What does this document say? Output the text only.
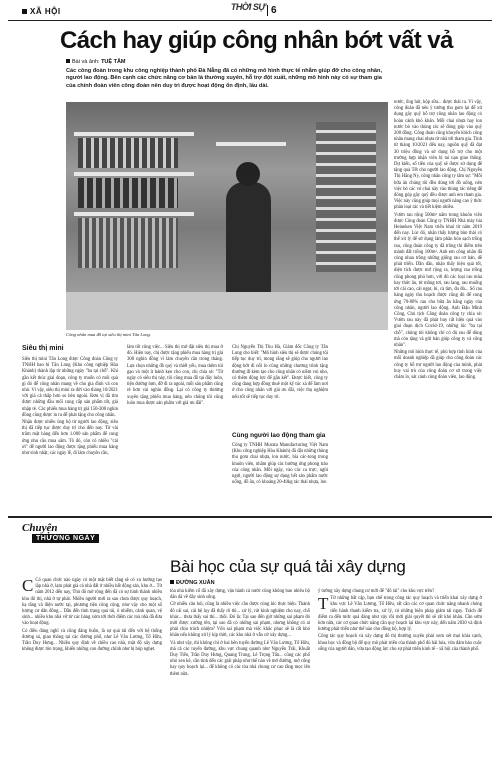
XÃ HỘI	THỜI SỰ 6
Cách hay giúp công nhân bớt vất vả
Bài và ảnh: TUỆ TÂM
Các công đoàn trong khu công nghiệp thành phố Đà Nẵng đã có những mô hình thực tế nhằm giúp đỡ cho công nhân, người lao động. Bên cạnh các chức năng cơ bản là thường xuyên, hỗ trợ đột xuất, những mô hình này có sự tham gia của chính đoàn viên công đoàn nên duy trì được hoạt động ổn định, lâu dài.
Công nhân mua đồ tại siêu thị mini Tân Long.
Siêu thị mini

Siêu thị mini Tân Long được Công đoàn Công ty TNHH bao bì Tân Long (Khu công nghiệp Hòa Khánh) thành lập từ những ngày "ba tại chỗ". Khi gần kết thúc giai đoạn, công ty muốn có môi quà gì đó để công nhân mang về cho gia đình và con nhỏ. Vì vậy, siêu thị mini ra đời vào tháng 10/2021 với giá cả thấp hơn so bên ngoài. Đơn vị đã tìm được những đầu mối cung cấp sản phẩm tốt, giá nhập rẻ. Các phiếu mua hàng trị giá 150-300 nghìn đồng cũng được in ra để phát tặng cho công nhân.

Nhận được nhiều ủng hộ từ người lao động, siêu thị đã tiếp tục được duy trì cho đến nay. Từ vài trăm mặt hàng đến hơn 1.000 sản phẩm để cung ứng nhu cầu mua sắm. Tô đó, còn có nhiều "cái ơi" để người lao động được tặng phiếu mua hàng như sinh nhật, các ngày lễ, đi làm chuyên cần,

làm tốt công việc... Siêu thị mở đặt siêu thị mua ở đó. Hiện nay, chị được tặng phiếu mua hàng trị giá 300 nghìn đồng vì làm chuyên cần trong tháng. Lựa chọn những đồ quý và thiết yếu, mua thêm túi gạo và một ít bánh kẹo cho con, chị chia sẻ: "Từ ngày có siêu thị này, tôi cũng mua đồ tại đây luôn, tiện đường hơn, đỡ đi ra ngoài, mỗi sản phẩm cũng rẻ hơn vài nghìn đồng. Lại có công ty thường xuyên tặng phiếu mua hàng, nên chúng tôi cũng luôn mua được sản phẩm với giá ưu đãi".

Chị Nguyễn Thị Thu Hà, Giám đốc Công ty Tân Long cho biết: "Mô hình siêu thị sẽ được chúng tôi tiếp tục duy trì, mong rằng sẽ giúp cho người lao động bớt đi nỗi lo cũng những chương trình tặng thưởng đi kèm tạo cho công nhân có niềm vui nho, có thêm động lực để gắn kết". Được biết, công ty cũng đang hợp đồng thuê một kỹ túc xá để làm nơi ở cho công nhân với giá ưu đãi, việc thụ nghiệm nếu tốt sẽ tiếp tục duy trì.

Cùng người lao động tham gia

Công ty TNHH Murata Manufacturing Việt Nam (Khu công nghiệp Hòa Khánh) đã đặt những thùng thu gom chai nhựa, lon nước, bìa các-tong trong khuôn viên, nhằm giúp các hướng ứng phong trào của công nhân. Mỗi ngày, vào các ca trực, nghỉ ngơi, người lao động sự dụng hết sản phẩm nước uống, đồ ăn, có khoảng 20-40kg rác thải nhựa, lon

nước, ống hút, hộp sữa... được thải ra. Vì vậy, công đoàn đã nêu ý tưởng thu gom lại để xử dụng gây quỹ hỗ trợ công nhân lao động có hoàn cảnh khó khăn. Mỗi chai nhựa hay lon nước bỏ vào thùng rác sẽ đóng góp vào quỹ 200 đồng. Công đoàn cũng khuyến khích công nhân mang chai nhựa từ nhà tới tham gia. Tính từ tháng 10/2021 đến nay, nguồn quỹ đã đạt 30 triệu đồng và sử dụng hỗ trợ cho một trường hợp nhận viên bị tai nạn giao thông. Dự kiến, số tiền của quỹ sẽ được sử dụng để tặng quà Tết cho người lao động. Chị Nguyễn Thị Hằng Ny, công nhân công ty tâm sự: "Mỗi bữa ăn chúng tôi đều dùng tới đồ uống, nên việc bỏ các vỏ chai này vào thùng rác riêng để đóng góp gây quỹ đều được anh em tham gia. Việc này cũng giúp mọi người nâng cao ý thức phân loại rác và tiết kiệm nhiều.

Vườn rau rộng 500m² nằm trong khuôn viên được Công đoàn Công ty TNHH Nhà máy bia Heineken Việt Nam triển khai từ năm 2019 đến nay. Lúc đó, nhận thấy lượng bùn thải có thể xử lý để sử dụng làm phân bón sạch trồng rau, công đoàn công ty đã trồng thí điểm trên mảnh đất trống 100m². Anh em công nhân đã cùng nhau trồng những giống rau cơ bản, dễ phát triển. Dần dần, nhận thấy hiệu quả tốt, diện tích được mở rộng ra, lượng rau trồng cũng phong phú hơn, với đủ các loại rau mùa hay thức ăn, từ mồng tơi, rau lang, rau muống tới cải cao, cải ngọt, bí, cà tím, đu đủ... Số rau hàng ngày thu hoạch được cũng đủ để cung ứng 70-80% rau cho bữa ăn hằng ngày của công nhân, người lao động. Anh Đậu Minh Công, Chủ tịch Công đoàn công ty chia sẻ: Vườn rau này đã phát huy rất hiệu quả vào giai đoạn dịch Covid-19, những lúc "ba tại chỗ", chúng tôi không chỉ có đủ rau để dùng mà còn tặng và gửi bán giúp công ty và công nhân".

Những mô hình thực tế, phù hợp tình hình của mỗi doanh nghiệp đã giúp cho công đoàn các công ty hỗ trợ người lao động của mình, phát huy vai trò của công đoàn cơ sở trong việc chăm lo, sát cánh cùng đoàn viên, lao động.

Chuyện
THƯỜNG NGÀY
Bài học của sự quá tải xây dựng
ĐƯỜNG XUÂN

C Có quan chức nào ngày có một mặt biết rằng sẽ có xu hướng tạo lập nhà ở, lạm phát giá cả nhà đất ở nhiều bất động sản, khu ở... Từ năm 2012 đến nay, Thủ đô mở rộng đến đã có sự hình thành nhiều khu đô thị, nhà ở tự phát. Nhiều người mới ra sau chưa được quy hoạch, hạ tầng và điện nước tại, phương tiện công cộng, như vậy cho một số lượng cư dân đông... Dẫn đến tình trạng quá tải, ô nhiễm, cảnh quan, vệ sinh... nhiều khu nhà vỡ từ các hàng xóm tới thời điểm các toà nhà đã đưa vào hoạt động.

Có điều đáng nghĩ và cũng đáng buồn, là sự quá tải đến với hệ thống đường sá, giao thông tại các đường phố, như Lê Văn Lương, Tố Hữu, Trần Duy Hưng... Nhiều quy định về chiều cao nhà, mật độ xây dựng không được tôn trọng, khiến những con đường chính như bị bóp nghẹt.

tòa nhà kiểm cố đã xây dựng, vận hành cả nước cũng không bao nhiêu bộ dân dã về đây sinh sống.

Cỡ nhiều câu hỏi, cũng là nhiều việc cần được cùng lúc thực hiện. Thành đô cải sai, cải bệ lụy đã thấy rõ thì... xử lý, rút kinh nghiệm cho nay, chỗ khác... thưa thấy sai thì... thôi. Đó là: Tại sao đến giờ những sai phạm đó mới được xướng tên, tại sao đã có những sai phạm, nhưng không có ai phải chịu trách nhiệm? Vốn sai phạm mà việc khắc phục sẽ là rất khó khăn nếu không xử lý kịp thời, các khu nhà ở vẫn cứ xây dựng...

Và như vậy, thì không chỉ ở hai bên tuyến đường Lê Văn Lương, Tố Hữu, mà cả các tuyến đường, khu vực chung quanh như Nguyễn Trãi, Khuất Duy Tiến, Trần Duy Hưng, Quang Trung, Lê Trọng Tấn... cũng các phố nhỏ xen kẽ, cần tính đến các giải pháp như thế nào về mở đường, mở cống hay quy hoạch lại... để không có các tòa nhà chung cư cao tầng mọc lên thêm nữa.

ý tưởng xây dựng chung cư mới để "đô tài" cho khu vực trên?

T Từ những bất cập, bạn chế trong công tác quy hoạch và triển khai xây dựng ở khu vực Lê Văn Lương, Tố Hữu, rất cần các cơ quan chức năng nhanh chóng tiến hành thanh kiểm tra, xử lý, có những biện pháp giảm tải ngay. Trách để điểm ra đến mức quá đáng như vậy rồi mới giải quyết thì sẽ rất khó khăn. Cần sớm hơn nữa, các cơ quan chức năng cần quy hoạch lại khu vực này, đến năm 2030 và định hướng phát triển như thế nào cho đồng bộ, hợp lý.

Công tác quy hoạch và xây dựng đô thị thường xuyên phải xem xét mọi khía cạnh, khoa học và đồng bộ để quy mô phát triển của thành phố đủ hài hòa, vừa đảm bảo cuộc sống của người dân, vừa tạo động lực cho sự phát triển kinh tế - xã hội của thành phố.
